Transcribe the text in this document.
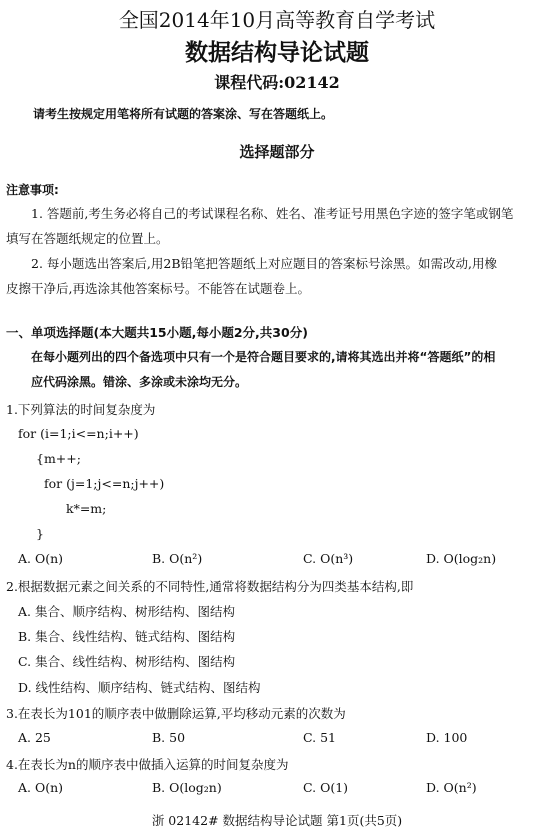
全国2014年10月高等教育自学考试
数据结构导论试题
课程代码:02142
请考生按规定用笔将所有试题的答案涂、写在答题纸上。
选择题部分
注意事项:
1. 答题前,考生务必将自己的考试课程名称、姓名、准考证号用黑色字迹的签字笔或钢笔
填写在答题纸规定的位置上。
2. 每小题选出答案后,用2B铅笔把答题纸上对应题目的答案标号涂黑。如需改动,用橡
皮擦干净后,再选涂其他答案标号。不能答在试题卷上。
一、单项选择题(本大题共15小题,每小题2分,共30分)
在每小题列出的四个备选项中只有一个是符合题目要求的,请将其选出并将“答题纸”的相
应代码涂黑。错涂、多涂或未涂均无分。
1.下列算法的时间复杂度为
for (i=1;i<=n;i++)
{m++;
for (j=1;j<=n;j++)
k*=m;
}
A. O(n)	B. O(n²)	C. O(n³)	D. O(log₂n)
2.根据数据元素之间关系的不同特性,通常将数据结构分为四类基本结构,即
A. 集合、顺序结构、树形结构、图结构
B. 集合、线性结构、链式结构、图结构
C. 集合、线性结构、树形结构、图结构
D. 线性结构、顺序结构、链式结构、图结构
3.在表长为101的顺序表中做删除运算,平均移动元素的次数为
A. 25	B. 50	C. 51	D. 100
4.在表长为n的顺序表中做插入运算的时间复杂度为
A. O(n)	B. O(log₂n)	C. O(1)	D. O(n²)
浙 02142# 数据结构导论试题 第1页(共5页)
